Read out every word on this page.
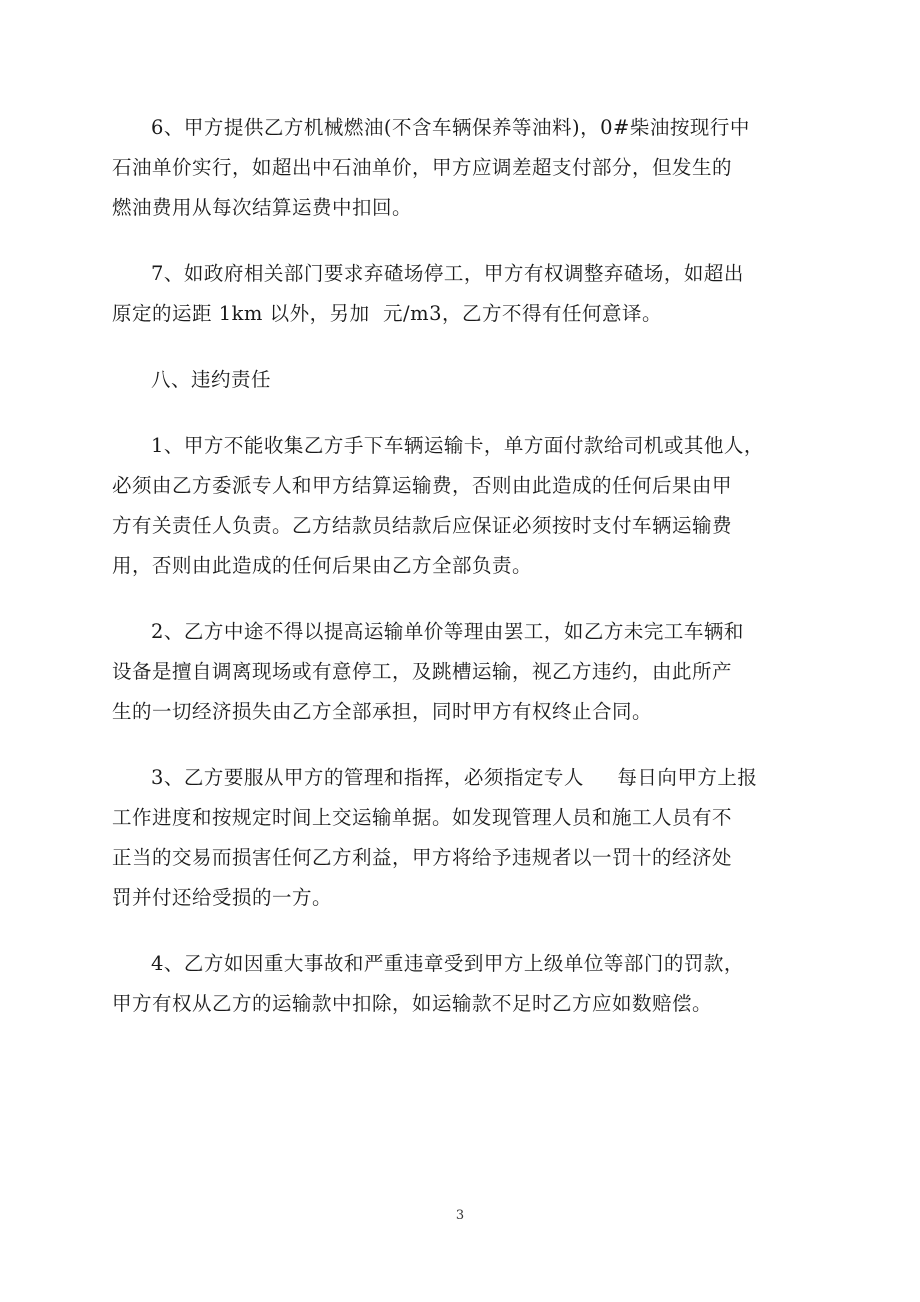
6、甲方提供乙方机械燃油(不含车辆保养等油料)，0#柴油按现行中
石油单价实行，如超出中石油单价，甲方应调差超支付部分，但发生的
燃油费用从每次结算运费中扣回。

7、如政府相关部门要求弃碴场停工，甲方有权调整弃碴场，如超出
原定的运距 1km 以外，另加  元/m3，乙方不得有任何意译。

八、违约责任

1、甲方不能收集乙方手下车辆运输卡，单方面付款给司机或其他人，
必须由乙方委派专人和甲方结算运输费，否则由此造成的任何后果由甲
方有关责任人负责。乙方结款员结款后应保证必须按时支付车辆运输费
用，否则由此造成的任何后果由乙方全部负责。

2、乙方中途不得以提高运输单价等理由罢工，如乙方未完工车辆和
设备是擅自调离现场或有意停工，及跳槽运输，视乙方违约，由此所产
生的一切经济损失由乙方全部承担，同时甲方有权终止合同。

3、乙方要服从甲方的管理和指挥，必须指定专人     每日向甲方上报
工作进度和按规定时间上交运输单据。如发现管理人员和施工人员有不
正当的交易而损害任何乙方利益，甲方将给予违规者以一罚十的经济处
罚并付还给受损的一方。

4、乙方如因重大事故和严重违章受到甲方上级单位等部门的罚款，
甲方有权从乙方的运输款中扣除，如运输款不足时乙方应如数赔偿。

3
